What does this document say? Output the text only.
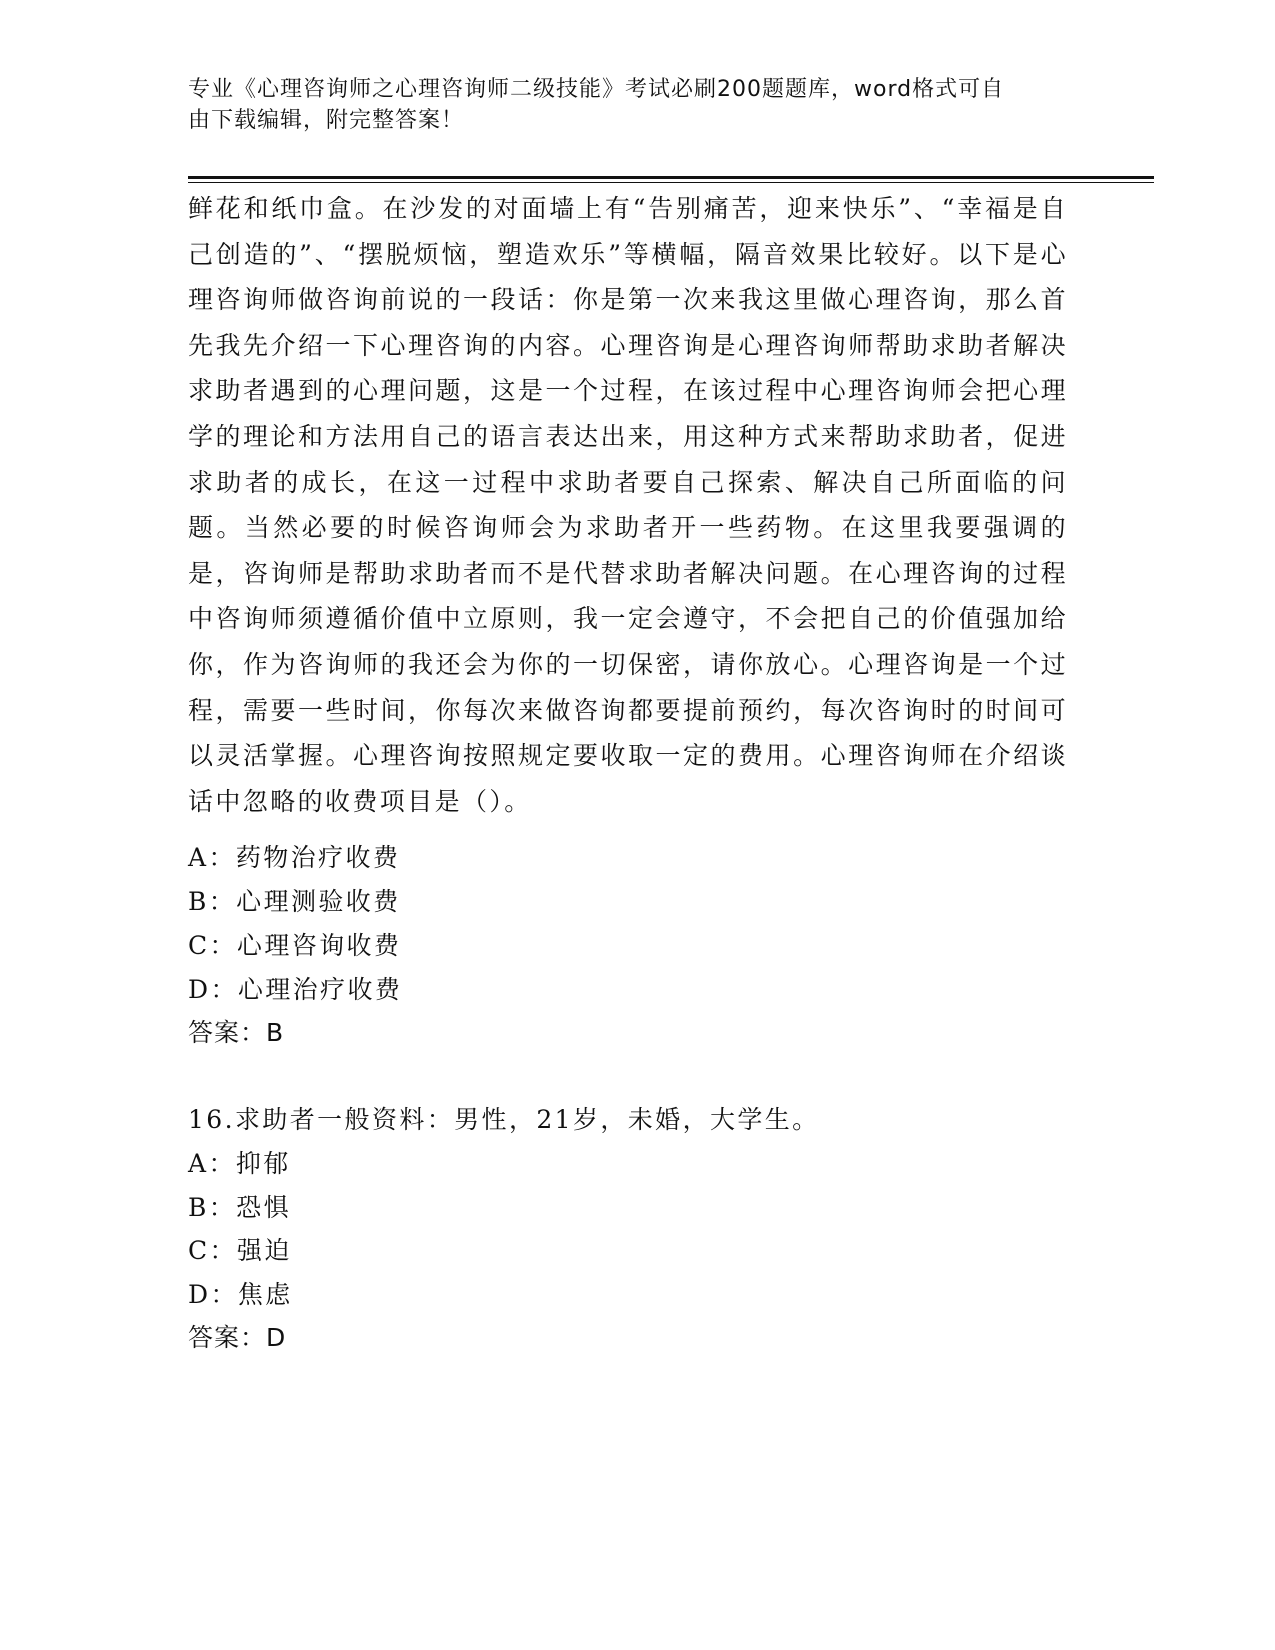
专业《心理咨询师之心理咨询师二级技能》考试必刷200题题库，word格式可自
由下载编辑，附完整答案！
鲜花和纸巾盒。在沙发的对面墙上有“告别痛苦，迎来快乐”、“幸福是自己创造的”、“摆脱烦恼，塑造欢乐”等横幅，隔音效果比较好。以下是心理咨询师做咨询前说的一段话：你是第一次来我这里做心理咨询，那么首先我先介绍一下心理咨询的内容。心理咨询是心理咨询师帮助求助者解决求助者遇到的心理问题，这是一个过程，在该过程中心理咨询师会把心理学的理论和方法用自己的语言表达出来，用这种方式来帮助求助者，促进求助者的成长，在这一过程中求助者要自己探索、解决自己所面临的问题。当然必要的时候咨询师会为求助者开一些药物。在这里我要强调的是，咨询师是帮助求助者而不是代替求助者解决问题。在心理咨询的过程中咨询师须遵循价值中立原则，我一定会遵守，不会把自己的价值强加给你，作为咨询师的我还会为你的一切保密，请你放心。心理咨询是一个过程，需要一些时间，你每次来做咨询都要提前预约，每次咨询时的时间可以灵活掌握。心理咨询按照规定要收取一定的费用。心理咨询师在介绍谈话中忽略的收费项目是（）。
A：药物治疗收费
B：心理测验收费
C：心理咨询收费
D：心理治疗收费
答案：B
16.求助者一般资料：男性，21岁，未婚，大学生。
A：抑郁
B：恐惧
C：强迫
D：焦虑
答案：D
